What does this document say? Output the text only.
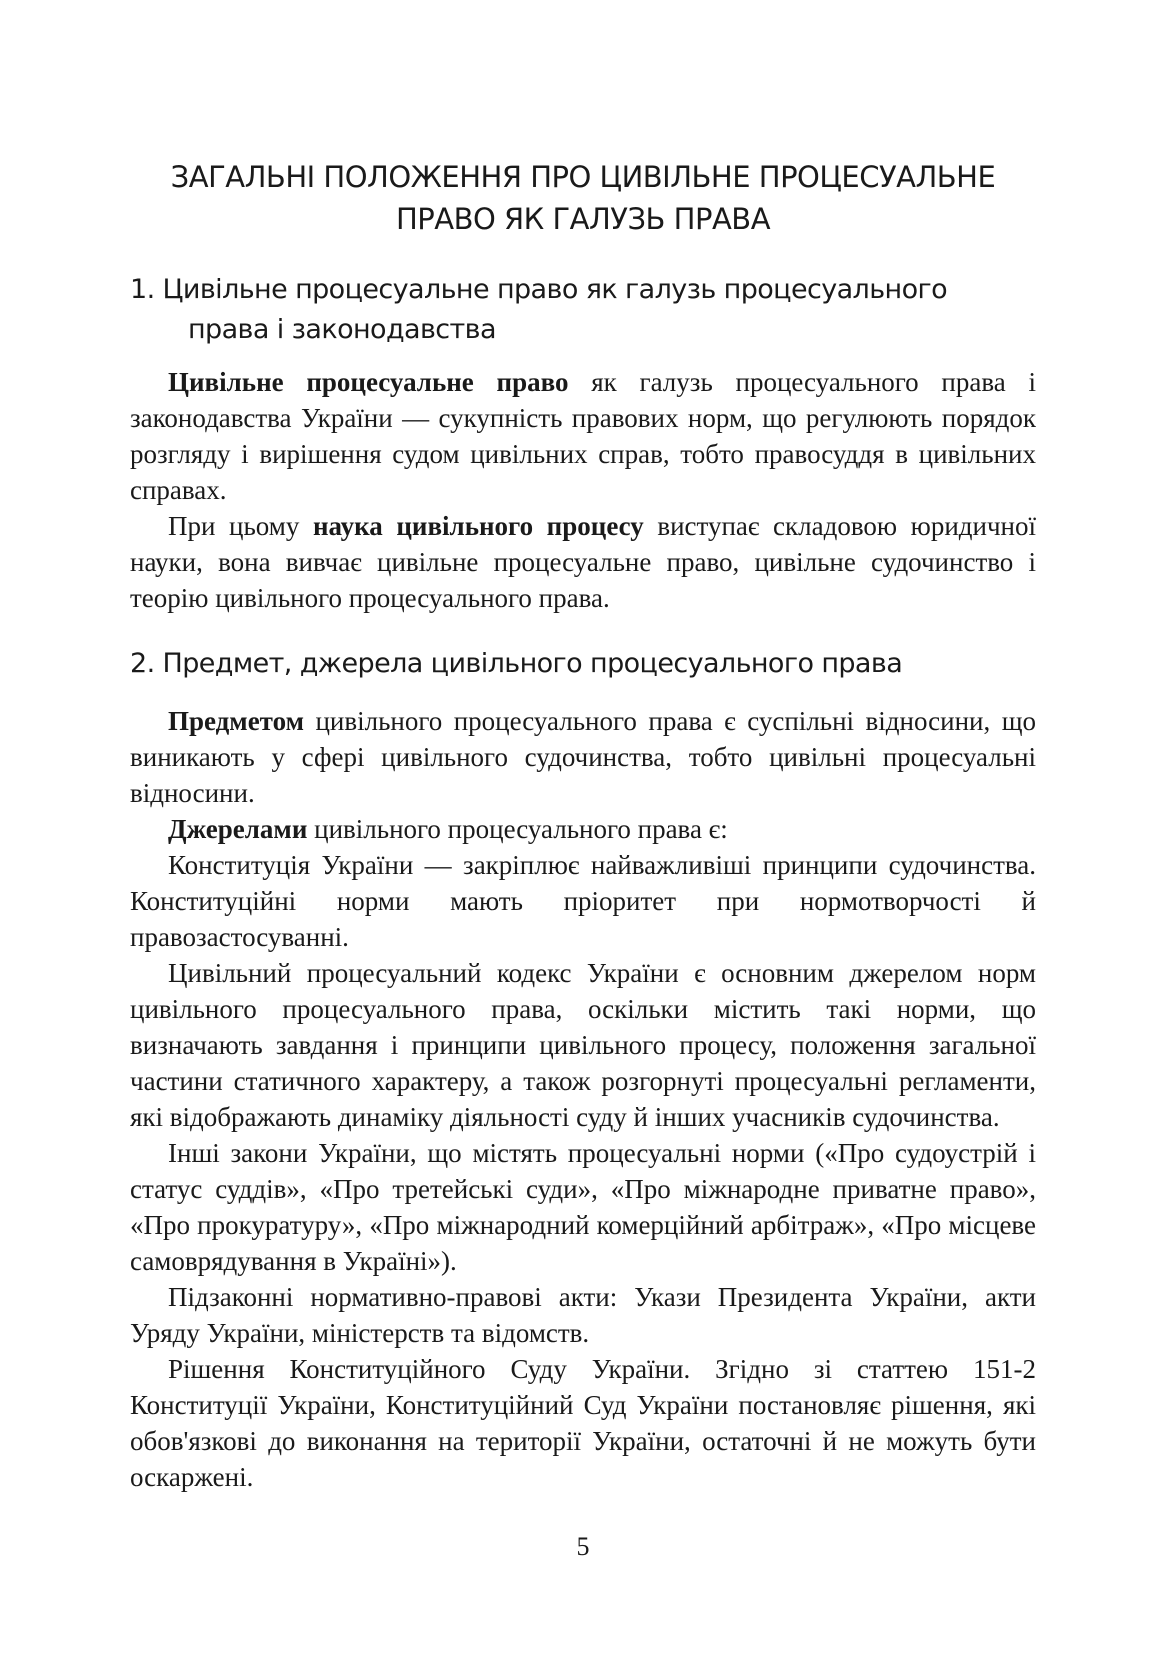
ЗАГАЛЬНІ ПОЛОЖЕННЯ ПРО ЦИВІЛЬНЕ ПРОЦЕСУАЛЬНЕ
ПРАВО ЯК ГАЛУЗЬ ПРАВА
1. Цивільне процесуальне право як галузь процесуального
права і законодавства

Цивільне процесуальне право як галузь процесуального права і законодавства України — сукупність правових норм, що регулюють порядок розгляду і вирішення судом цивільних справ, тобто правосуддя в цивільних справах.

При цьому наука цивільного процесу виступає складовою юридичної науки, вона вивчає цивільне процесуальне право, цивільне судочинство і теорію цивільного процесуального права.

2. Предмет, джерела цивільного процесуального права

Предметом цивільного процесуального права є суспільні відносини, що виникають у сфері цивільного судочинства, тобто цивільні процесуальні відносини.

Джерелами цивільного процесуального права є:

Конституція України — закріплює найважливіші принципи судочинства. Конституційні норми мають пріоритет при нормотворчості й правозастосуванні.

Цивільний процесуальний кодекс України є основним джерелом норм цивільного процесуального права, оскільки містить такі норми, що визначають завдання і принципи цивільного процесу, положення загальної частини статичного характеру, а також розгорнуті процесуальні регламенти, які відображають динаміку діяльності суду й інших учасників судочинства.

Інші закони України, що містять процесуальні норми («Про судоустрій і статус суддів», «Про третейські суди», «Про міжнародне приватне право», «Про прокуратуру», «Про міжнародний комерційний арбітраж», «Про місцеве самоврядування в Україні»).

Підзаконні нормативно-правові акти: Укази Президента України, акти Уряду України, міністерств та відомств.

Рішення Конституційного Суду України. Згідно зі статтею 151-2 Конституції України, Конституційний Суд України постановляє рішення, які обов'язкові до виконання на території України, остаточні й не можуть бути оскаржені.

5
